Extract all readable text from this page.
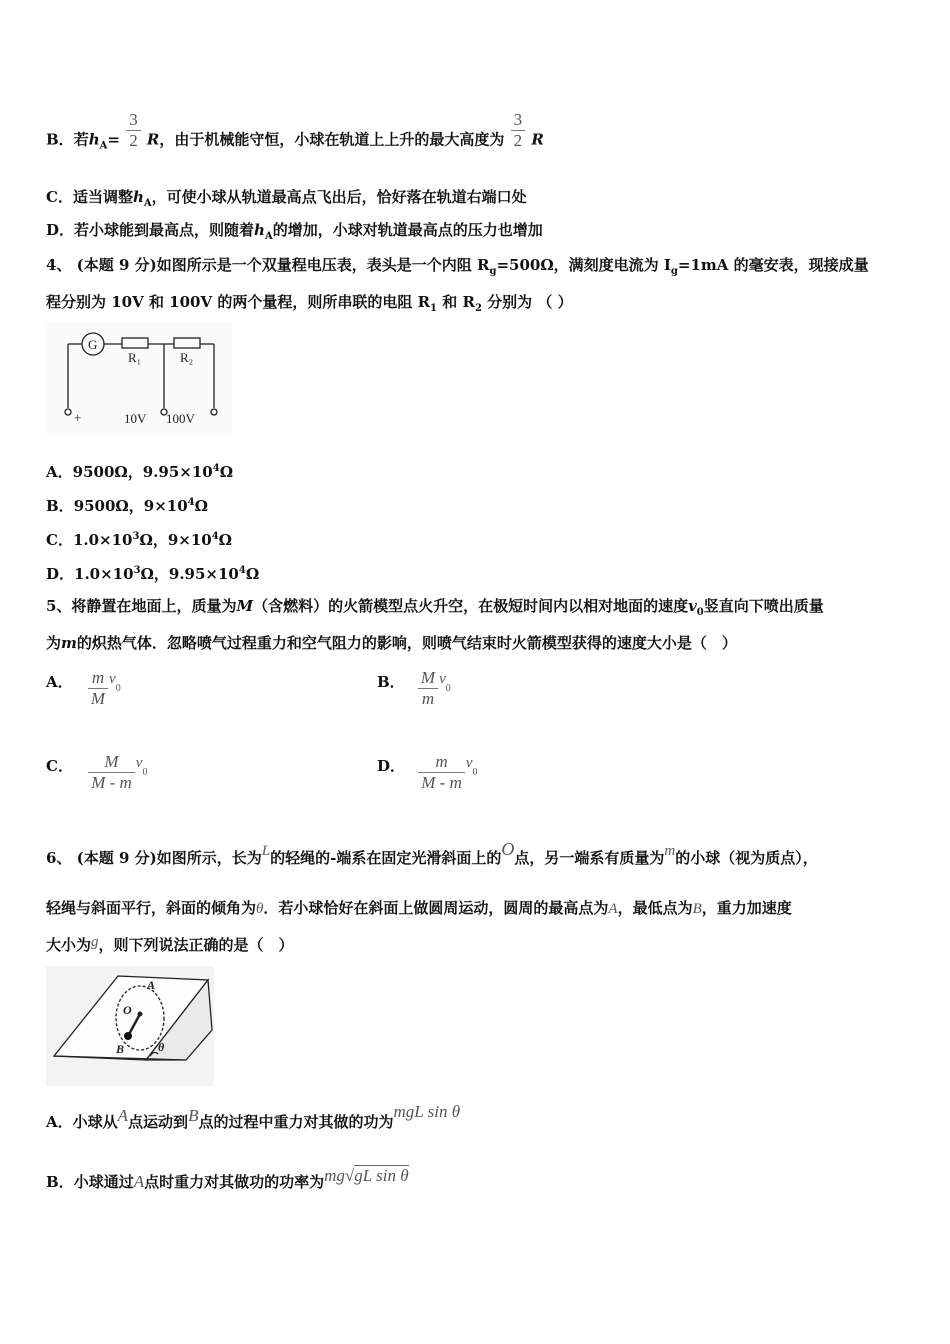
B．若$h_A= \frac{3}{2}$ R，由于机械能守恒，小球在轨道上上升的最大高度为 $\frac{3}{2}$ R
C．适当调整$h_A$，可使小球从轨道最高点飞出后，恰好落在轨道右端口处
D．若小球能到最高点，则随着$h_A$的增加，小球对轨道最高点的压力也增加
4、 (本题 9 分)如图所示是一个双量程电压表，表头是一个内阻 $R_g=500\Omega$，满刻度电流为 $I_g=1mA$ 的毫安表，现接成量
程分别为 10V 和 100V 的两个量程，则所串联的电阻 $R_1$ 和 $R_2$ 分别为 （ ）
G
R₁	R₂
+	10V 100V
A．9500Ω，$9.95\times 10^4\Omega$
B．9500Ω，$9\times 10^4\Omega$
C．$1.0\times 10^3\Omega$，$9\times 10^4\Omega$
D．$1.0\times 10^3\Omega$，$9.95\times 10^4\Omega$
5、将静置在地面上，质量为M（含燃料）的火箭模型点火升空，在极短时间内以相对地面的速度$v_0$竖直向下喷出质量
为m的炽热气体．忽略喷气过程重力和空气阻力的影响，则喷气结束时火箭模型获得的速度大小是（　）
A． $\frac{m}{M} v0$	B． $\frac{M}{m} v0$
C． $\frac{M}{M - m} v0$	D． $\frac{m}{M - m} v0$
6、 (本题 9 分)如图所示，长为L的轻绳的-端系在固定光滑斜面上的O点，另一端系有质量为m的小球（视为质点），
轻绳与斜面平行，斜面的倾角为θ．若小球恰好在斜面上做圆周运动，圆周的最高点为A，最低点为B，重力加速度
大小为g，则下列说法正确的是（　）
A
O
B	θ
A．小球从A点运动到B点的过程中重力对其做的功为mgL sin θ
B．小球通过A点时重力对其做功的功率为mg√gL sin θ
